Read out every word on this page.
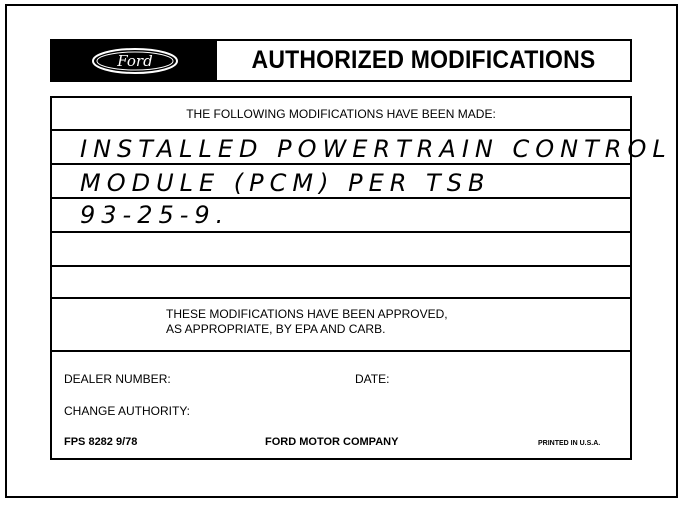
Ford	AUTHORIZED MODIFICATIONS
THE FOLLOWING MODIFICATIONS HAVE BEEN MADE:
INSTALLED POWERTRAIN CONTROL
MODULE (PCM) PER TSB
93-25-9.
THESE MODIFICATIONS HAVE BEEN APPROVED,
AS APPROPRIATE, BY EPA AND CARB.
DEALER NUMBER:	DATE:
CHANGE AUTHORITY:
FPS 8282 9/78	FORD MOTOR COMPANY	PRINTED IN U.S.A.
